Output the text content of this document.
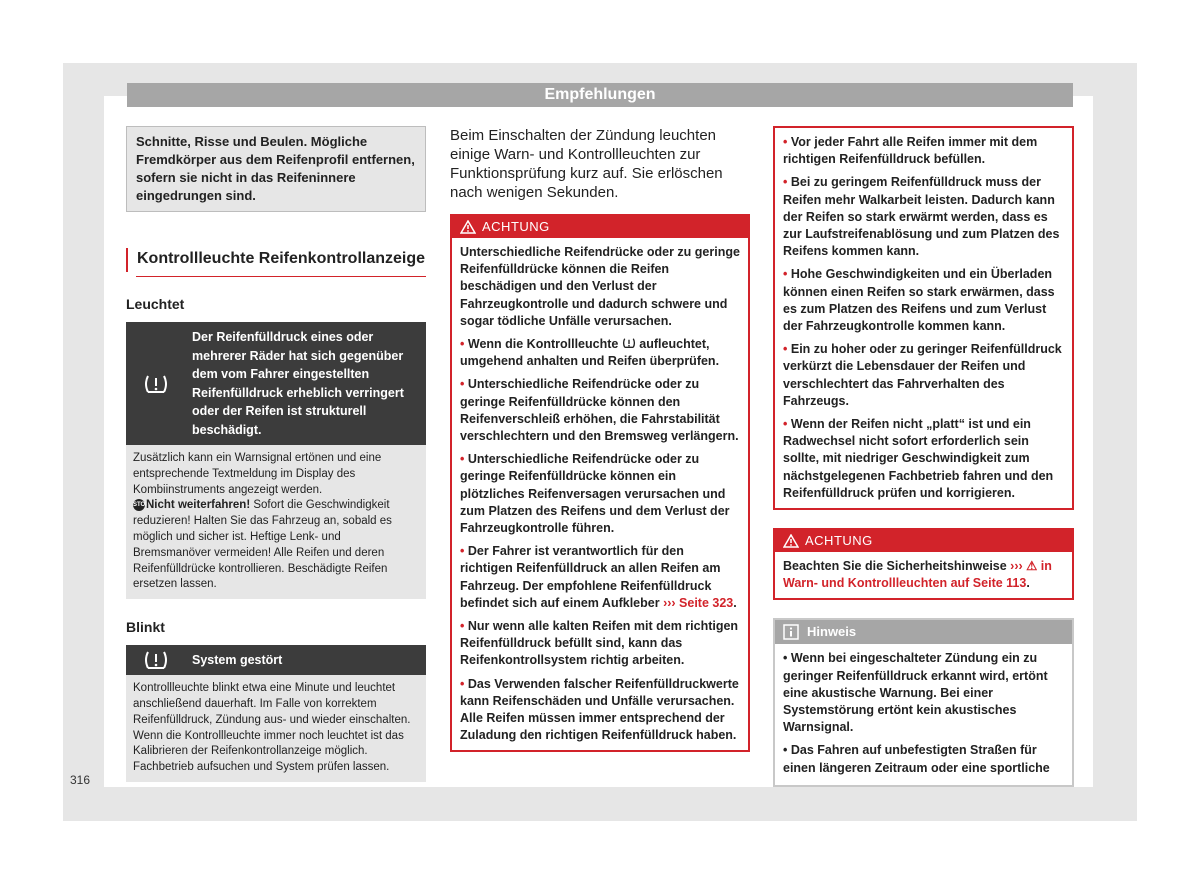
Empfehlungen
Schnitte, Risse und Beulen. Mögliche Fremdkörper aus dem Reifenprofil entfernen, sofern sie nicht in das Reifeninnere eingedrungen sind.
Kontrollleuchte Reifenkontrollanzeige
Leuchtet
Der Reifenfülldruck eines oder mehrerer Räder hat sich gegenüber dem vom Fahrer eingestellten Reifenfülldruck erheblich verringert oder der Reifen ist strukturell beschädigt.
Zusätzlich kann ein Warnsignal ertönen und eine entsprechende Textmeldung im Display des Kombiinstruments angezeigt werden.
STOPNicht weiterfahren! Sofort die Geschwindigkeit reduzieren! Halten Sie das Fahrzeug an, sobald es möglich und sicher ist. Heftige Lenk- und Bremsmanöver vermeiden! Alle Reifen und deren Reifenfülldrücke kontrollieren. Beschädigte Reifen ersetzen lassen.
Blinkt
System gestört
Kontrollleuchte blinkt etwa eine Minute und leuchtet anschließend dauerhaft. Im Falle von korrektem Reifenfülldruck, Zündung aus- und wieder einschalten. Wenn die Kontrollleuchte immer noch leuchtet ist das Kalibrieren der Reifenkontrollanzeige möglich. Fachbetrieb aufsuchen und System prüfen lassen.

Beim Einschalten der Zündung leuchten einige Warn- und Kontrollleuchten zur Funktionsprüfung kurz auf. Sie erlöschen nach wenigen Sekunden.

ACHTUNG

Unterschiedliche Reifendrücke oder zu geringe Reifenfülldrücke können die Reifen beschädigen und den Verlust der Fahrzeugkontrolle und dadurch schwere und sogar tödliche Unfälle verursachen.

• Wenn die Kontrollleuchte  aufleuchtet, umgehend anhalten und Reifen überprüfen.

• Unterschiedliche Reifendrücke oder zu geringe Reifenfülldrücke können den Reifenverschleiß erhöhen, die Fahrstabilität verschlechtern und den Bremsweg verlängern.

• Unterschiedliche Reifendrücke oder zu geringe Reifenfülldrücke können ein plötzliches Reifenversagen verursachen und zum Platzen des Reifens und dem Verlust der Fahrzeugkontrolle führen.

• Der Fahrer ist verantwortlich für den richtigen Reifenfülldruck an allen Reifen am Fahrzeug. Der empfohlene Reifenfülldruck befindet sich auf einem Aufkleber ››› Seite 323.

• Nur wenn alle kalten Reifen mit dem richtigen Reifenfülldruck befüllt sind, kann das Reifenkontrollsystem richtig arbeiten.

• Das Verwenden falscher Reifenfülldruckwerte kann Reifenschäden und Unfälle verursachen. Alle Reifen müssen immer entsprechend der Zuladung den richtigen Reifenfülldruck haben.

• Vor jeder Fahrt alle Reifen immer mit dem richtigen Reifenfülldruck befüllen.

• Bei zu geringem Reifenfülldruck muss der Reifen mehr Walkarbeit leisten. Dadurch kann der Reifen so stark erwärmt werden, dass es zur Laufstreifenablösung und zum Platzen des Reifens kommen kann.

• Hohe Geschwindigkeiten und ein Überladen können einen Reifen so stark erwärmen, dass es zum Platzen des Reifens und zum Verlust der Fahrzeugkontrolle kommen kann.

• Ein zu hoher oder zu geringer Reifenfülldruck verkürzt die Lebensdauer der Reifen und verschlechtert das Fahrverhalten des Fahrzeugs.

• Wenn der Reifen nicht „platt“ ist und ein Radwechsel nicht sofort erforderlich sein sollte, mit niedriger Geschwindigkeit zum nächstgelegenen Fachbetrieb fahren und den Reifenfülldruck prüfen und korrigieren.

ACHTUNG

Beachten Sie die Sicherheitshinweise ››› ⚠ in Warn- und Kontrollleuchten auf Seite 113.

Hinweis

• Wenn bei eingeschalteter Zündung ein zu geringer Reifenfülldruck erkannt wird, ertönt eine akustische Warnung. Bei einer Systemstörung ertönt kein akustisches Warnsignal.

• Das Fahren auf unbefestigten Straßen für einen längeren Zeitraum oder eine sportliche

316
